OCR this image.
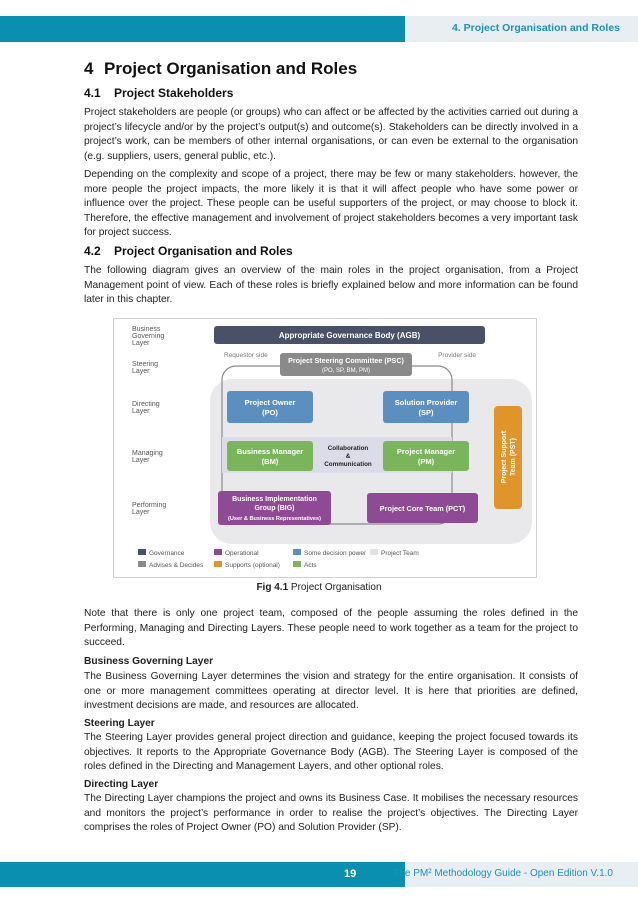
4. Project Organisation and Roles
4 Project Organisation and Roles
4.1 Project Stakeholders

Project stakeholders are people (or groups) who can affect or be affected by the activities carried out during a project’s lifecycle and/or by the project’s output(s) and outcome(s). Stakeholders can be directly involved in a project’s work, can be members of other internal organisations, or can even be external to the organisation (e.g. suppliers, users, general public, etc.).

Depending on the complexity and scope of a project, there may be few or many stakeholders. however, the more people the project impacts, the more likely it is that it will affect people who have some power or influence over the project. These people can be useful supporters of the project, or may choose to block it. Therefore, the effective management and involvement of project stakeholders becomes a very important task for project success.

4.2 Project Organisation and Roles

The following diagram gives an overview of the main roles in the project organisation, from a Project Management point of view. Each of these roles is briefly explained below and more information can be found later in this chapter.

Business
Governing
Layer
Steering
Layer
Directing
Layer
Managing
Layer
Performing
Layer
Appropriate Governance Body (AGB)
Requestor side	Provider side
Project Steering Committee (PSC)
(PO, SP, BM, PM)
Project Owner
(PO)
Solution Provider
(SP)
Business Manager
(BM)
Collaboration
&
Communication
Project Manager
(PM)
Business Implementation
Group (BIG)
(User & Business Representatives)
Project Core Team (PCT)
Project Support Team (PST)
Governance
Advises & Decides
Operational
Supports (optional)
Some decision power
Acts
Project Team
Fig 4.1 Project Organisation

Note that there is only one project team, composed of the people assuming the roles defined in the Performing, Managing and Directing Layers. These people need to work together as a team for the project to succeed.

Business Governing Layer

The Business Governing Layer determines the vision and strategy for the entire organisation. It consists of one or more management committees operating at director level. It is here that priorities are defined, investment decisions are made, and resources are allocated.

Steering Layer

The Steering Layer provides general project direction and guidance, keeping the project focused towards its objectives. It reports to the Appropriate Governance Body (AGB). The Steering Layer is composed of the roles defined in the Directing and Management Layers, and other optional roles.

Directing Layer

The Directing Layer champions the project and owns its Business Case. It mobilises the necessary resources and monitors the project’s performance in order to realise the project’s objectives. The Directing Layer comprises the roles of Project Owner (PO) and Solution Provider (SP).

19	The PM² Methodology Guide - Open Edition V.1.0
